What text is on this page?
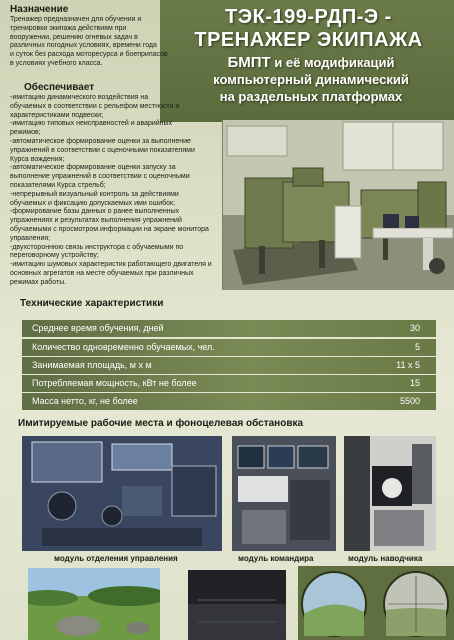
ТЭК-199-РДП-Э -
ТРЕНАЖЕР ЭКИПАЖА
БМПТ и её модификаций
компьютерный динамический
на раздельных платформах
Назначение
Тренажер предназначен для обучения и
тренировки экипажа действиям при
вооружении, решению огневых задач в
различных погодных условиях, времени года
и суток без расхода моторесурса и боеприпасов
в условиях учебного класса.
Обеспечивает
-имитацию динамического воздействия на
обучаемых в соответствии с рельефом местности и
характеристиками подвески;
-имитацию типовых неисправностей и аварийных
режимов;
-автоматическое формирование оценки за выполнение
упражнений в соответствии с оценочными показателями
Курса вождения;
-автоматическое формирование оценки запуску за
выполнение упражнений в соответствии с оценочными
показателями Курса стрельб;
-непрерывный визуальный контроль за действиями
обучаемых и фиксацию допускаемых ими ошибок;
-формирование базы данных о ранее выполненных
упражнениях и результатах выполнения упражнений
обучаемыми с просмотром информации на экране монитора
управления;
-двухстороннюю связь инструктора с обучаемыми по
переговорному устройству;
-имитацию шумовых характеристик работающего двигателя и
основных агрегатов на месте обучаемых при различных
режимах работы.
Технические характеристики
Среднее время обучения, дней	30
Количество одновременно обучаемых, чел.	5
Занимаемая площадь, м х м	11 х 5
Потребляемая мощность, кВт не более	15
Масса нетто, кг, не более	5500
Имитируемые рабочие места и фоноцелевая обстановка
модуль отделения управления	модуль командира	модуль наводчика
